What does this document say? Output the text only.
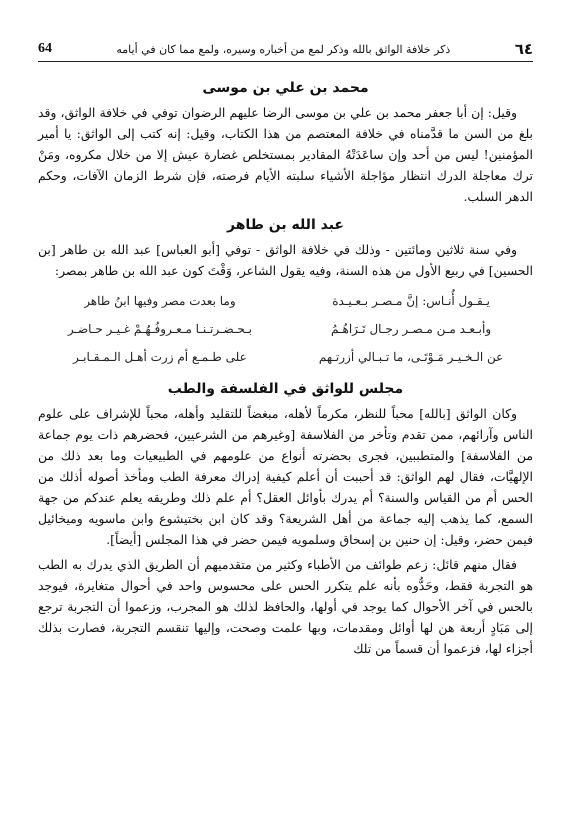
64	ذكر خلافة الواثق بالله وذكر لمع من أخباره وسيره، ولمع مما كان في أيامه	٦٤
محمد بن علي بن موسى

وقيل: إن أبا جعفر محمد بن علي بن موسى الرضا عليهم الرضوان توفي في خلافة الواثق، وقد بلغ من السن ما قدَّمناه في خلافة المعتصم من هذا الكتاب، وقيل: إنه كتب إلى الواثق: يا أمير المؤمنين! ليس من أحد وإن ساعَدَتْهُ المقادير بمستخلص غضارة عيش إلا من خلال مكروه، ومَنْ ترك معاجلة الدرك انتظار مؤاجلة الأشياء سلبته الأيام فرصته، فإن شرط الزمان الآفات، وحكم الدهر السلب.

عبد الله بن طاهر

وفي سنة ثلاثين ومائتين - وذلك في خلافة الواثق - توفي [أبو العباس] عبد الله بن طاهر [بن الحسين] في ربيع الأول من هذه السنة، وفيه يقول الشاعر، وَقْتَ كون عبد الله بن طاهر بمصر:

يـقـول أُنـاس: إنَّ مـصـر بـعـيـدة
وما بعدت مصر وفيها ابنُ طاهر
وأبـعـد مـن مـصـر رجـال تَـرَاهُـمُ
بـحـضـرتـنـا مـعـروفُـهُـمْ غـيـر حـاضـر
عن الـخـيـر مَـوْتَـى، ما تـبـالي أزرتـهم
على طـمـع أم زرت أهـل الـمـقـابـر
مجلس للواثق في الفلسفة والطب

وكان الواثق [بالله] محباً للنظر، مكرماً لأهله، مبغضاً للتقليد وأهله، محباً للإشراف على علوم الناس وآرائهم، ممن تقدم وتأخر من الفلاسفة [وغيرهم من الشرعيين، فحضرهم ذات يوم جماعة من الفلاسفة] والمتطببين، فجرى بحضرته أنواع من علومهم في الطبيعيات وما بعد ذلك من الإلهيَّات، فقال لهم الواثق: قد أحببت أن أعلم كيفية إدراك معرفة الطب ومأخذ أصوله أذلك من الحس أم من القياس والسنة؟ أم يدرك بأوائل العقل؟ أم علم ذلك وطريقه يعلم عندكم من جهة السمع، كما يذهب إليه جماعة من أهل الشريعة؟ وقد كان ابن بختيشوع وابن ماسويه وميخائيل فيمن حضر، وقيل: إن حنين بن إسحاق وسلمويه فيمن حضر في هذا المجلس [أيضاً].

فقال منهم قائل: زعم طوائف من الأطباء وكثير من متقدميهم أن الطريق الذي يدرك به الطب هو التجربة فقط، وحَدُّوه بأنه علم يتكرر الحس على محسوس واحد في أحوال متغايرة، فيوجد بالحس في آخر الأحوال كما يوجد في أولها، والحافظ لذلك هو المجرب، وزعموا أن التجربة ترجع إلى مَبَادٍ أربعة هن لها أوائل ومقدمات، وبها علمت وصحت، وإليها تنقسم التجربة، فصارت بذلك أجزاء لها، فزعموا أن قسماً من تلك
